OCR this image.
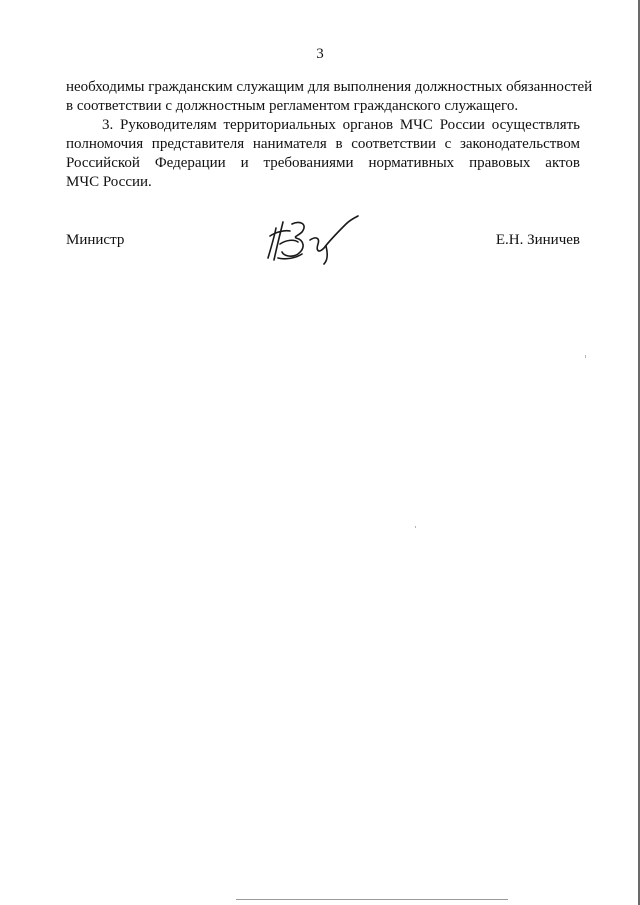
3

необходимы гражданским служащим для выполнения должностных обязанностей
в соответствии с должностным регламентом гражданского служащего.

3. Руководителям территориальных органов МЧС России осуществлять
полномочия представителя нанимателя в соответствии с законодательством
Российской Федерации и требованиями нормативных правовых актов
МЧС России.

Министр	Е.Н. Зиничев
